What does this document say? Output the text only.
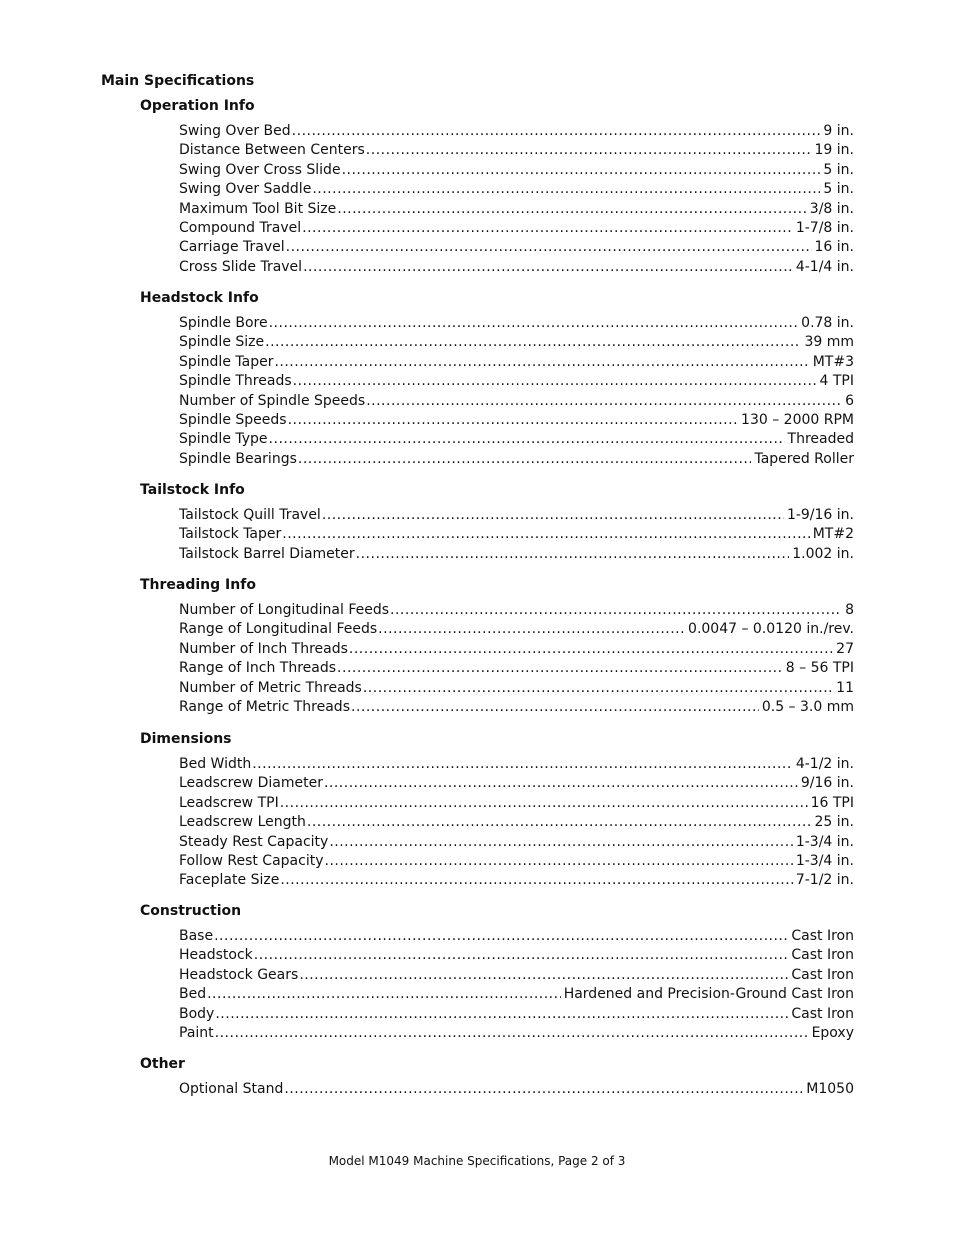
Main Specifications
Operation Info
Swing Over Bed .....	9 in.
Distance Between Centers .....	19 in.
Swing Over Cross Slide .....	5 in.
Swing Over Saddle .....	5 in.
Maximum Tool Bit Size .....	3/8 in.
Compound Travel .....	1-7/8 in.
Carriage Travel .....	16 in.
Cross Slide Travel .....	4-1/4 in.
Headstock Info
Spindle Bore .....	0.78 in.
Spindle Size .....	39 mm
Spindle Taper .....	MT#3
Spindle Threads .....	4 TPI
Number of Spindle Speeds .....	6
Spindle Speeds .....	130 – 2000 RPM
Spindle Type .....	Threaded
Spindle Bearings .....	Tapered Roller
Tailstock Info
Tailstock Quill Travel .....	1-9/16 in.
Tailstock Taper .....	MT#2
Tailstock Barrel Diameter .....	1.002 in.
Threading Info
Number of Longitudinal Feeds .....	8
Range of Longitudinal Feeds .....	0.0047 – 0.0120 in./rev.
Number of Inch Threads .....	27
Range of Inch Threads .....	8 – 56 TPI
Number of Metric Threads .....	11
Range of Metric Threads .....	0.5 – 3.0 mm
Dimensions
Bed Width .....	4-1/2 in.
Leadscrew Diameter .....	9/16 in.
Leadscrew TPI .....	16 TPI
Leadscrew Length .....	25 in.
Steady Rest Capacity .....	1-3/4 in.
Follow Rest Capacity .....	1-3/4 in.
Faceplate Size .....	7-1/2 in.
Construction
Base .....	Cast Iron
Headstock .....	Cast Iron
Headstock Gears .....	Cast Iron
Bed .....	Hardened and Precision-Ground Cast Iron
Body .....	Cast Iron
Paint .....	Epoxy
Other
Optional Stand .....	M1050
Model M1049 Machine Specifications, Page 2 of 3
